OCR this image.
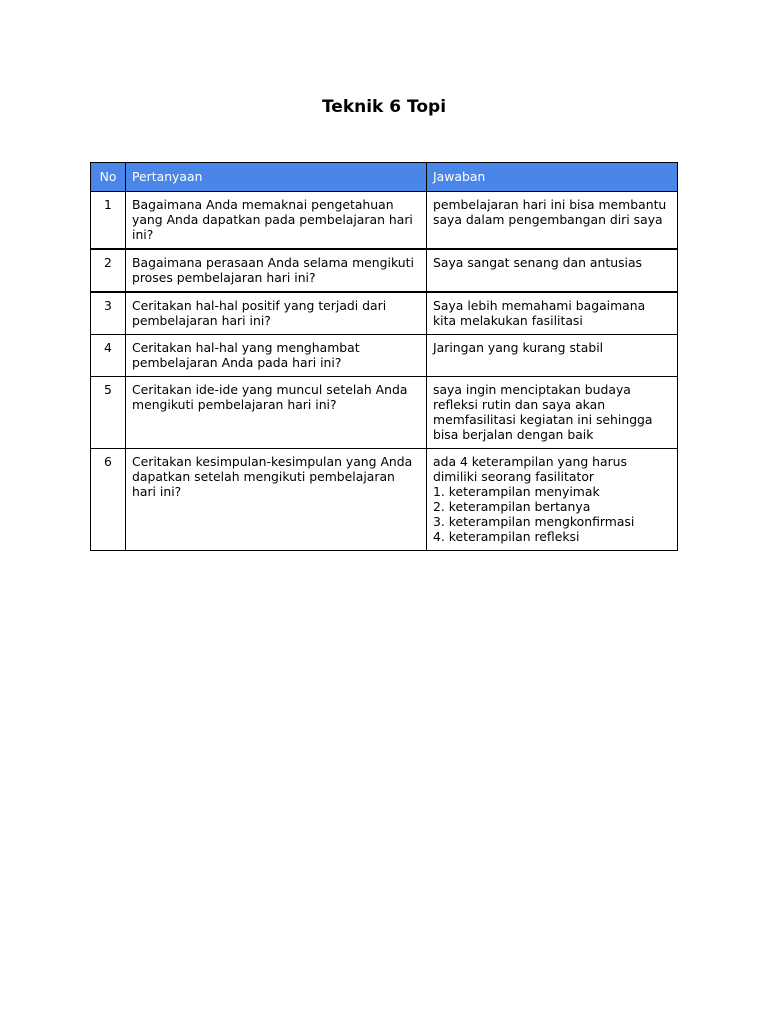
Teknik 6 Topi
No	Pertanyaan	Jawaban
1	Bagaimana Anda memaknai pengetahuan yang Anda dapatkan pada pembelajaran hari ini?	pembelajaran hari ini bisa membantu saya dalam pengembangan diri saya

2	Bagaimana perasaan Anda selama mengikuti proses pembelajaran hari ini?	Saya sangat senang dan antusias

3	Ceritakan hal-hal positif yang terjadi dari pembelajaran hari ini?	Saya lebih memahami bagaimana kita melakukan fasilitasi

4	Ceritakan hal-hal yang menghambat pembelajaran Anda pada hari ini?	Jaringan yang kurang stabil

5	Ceritakan ide-ide yang muncul setelah Anda mengikuti pembelajaran hari ini?	saya ingin menciptakan budaya refleksi rutin dan saya akan memfasilitasi kegiatan ini sehingga bisa berjalan dengan baik

6	Ceritakan kesimpulan-kesimpulan yang Anda dapatkan setelah mengikuti pembelajaran hari ini?	ada 4 keterampilan yang harus dimiliki seorang fasilitator
1. keterampilan menyimak
2. keterampilan bertanya
3. keterampilan mengkonfirmasi
4. keterampilan refleksi
